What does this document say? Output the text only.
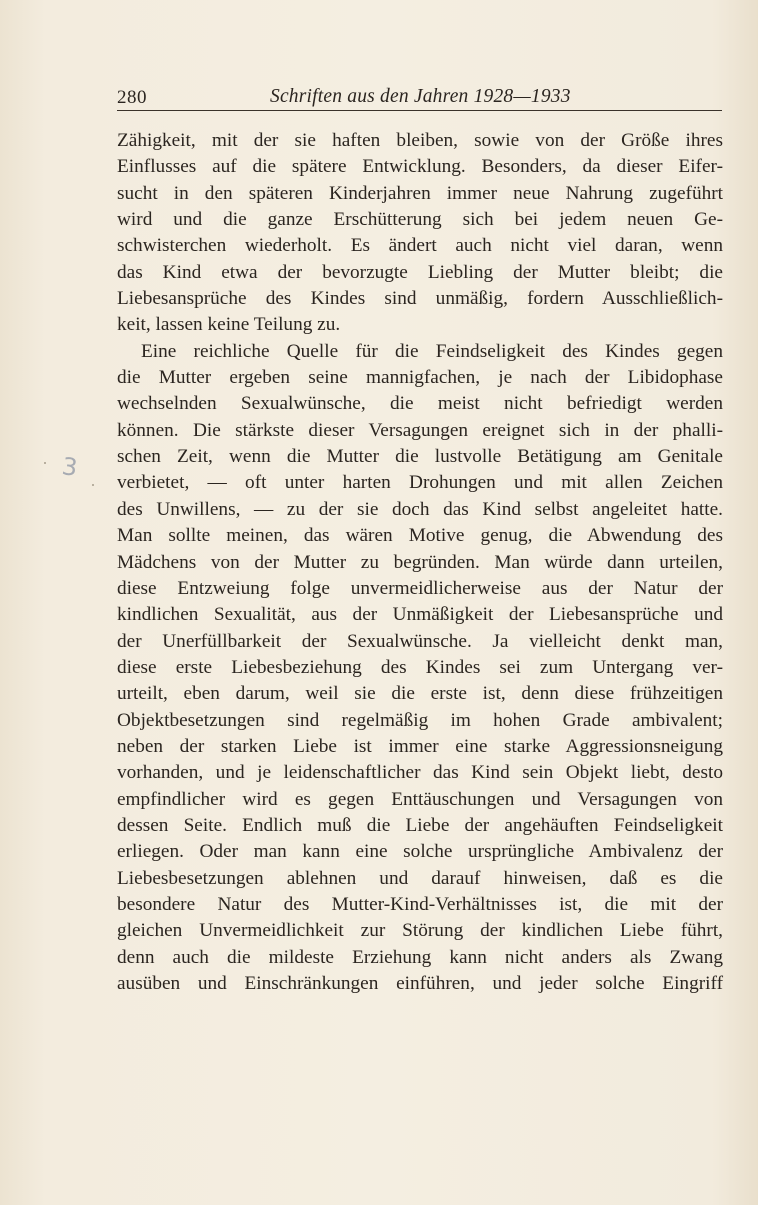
280	Schriften aus den Jahren 1928—1933
3

Zähigkeit, mit der sie haften bleiben, sowie von der Größe ihres
Einflusses auf die spätere Entwicklung. Besonders, da dieser Eifer-
sucht in den späteren Kinderjahren immer neue Nahrung zugeführt
wird und die ganze Erschütterung sich bei jedem neuen Ge-
schwisterchen wiederholt. Es ändert auch nicht viel daran, wenn
das Kind etwa der bevorzugte Liebling der Mutter bleibt; die
Liebesansprüche des Kindes sind unmäßig, fordern Ausschließlich-
keit, lassen keine Teilung zu.

Eine reichliche Quelle für die Feindseligkeit des Kindes gegen
die Mutter ergeben seine mannigfachen, je nach der Libidophase
wechselnden Sexualwünsche, die meist nicht befriedigt werden
können. Die stärkste dieser Versagungen ereignet sich in der phalli-
schen Zeit, wenn die Mutter die lustvolle Betätigung am Genitale
verbietet, — oft unter harten Drohungen und mit allen Zeichen
des Unwillens, — zu der sie doch das Kind selbst angeleitet hatte.
Man sollte meinen, das wären Motive genug, die Abwendung des
Mädchens von der Mutter zu begründen. Man würde dann urteilen,
diese Entzweiung folge unvermeidlicherweise aus der Natur der
kindlichen Sexualität, aus der Unmäßigkeit der Liebesansprüche und
der Unerfüllbarkeit der Sexualwünsche. Ja vielleicht denkt man,
diese erste Liebesbeziehung des Kindes sei zum Untergang ver-
urteilt, eben darum, weil sie die erste ist, denn diese frühzeitigen
Objektbesetzungen sind regelmäßig im hohen Grade ambivalent;
neben der starken Liebe ist immer eine starke Aggressionsneigung
vorhanden, und je leidenschaftlicher das Kind sein Objekt liebt, desto
empfindlicher wird es gegen Enttäuschungen und Versagungen von
dessen Seite. Endlich muß die Liebe der angehäuften Feindseligkeit
erliegen. Oder man kann eine solche ursprüngliche Ambivalenz der
Liebesbesetzungen ablehnen und darauf hinweisen, daß es die
besondere Natur des Mutter-Kind-Verhältnisses ist, die mit der
gleichen Unvermeidlichkeit zur Störung der kindlichen Liebe führt,
denn auch die mildeste Erziehung kann nicht anders als Zwang
ausüben und Einschränkungen einführen, und jeder solche Eingriff
